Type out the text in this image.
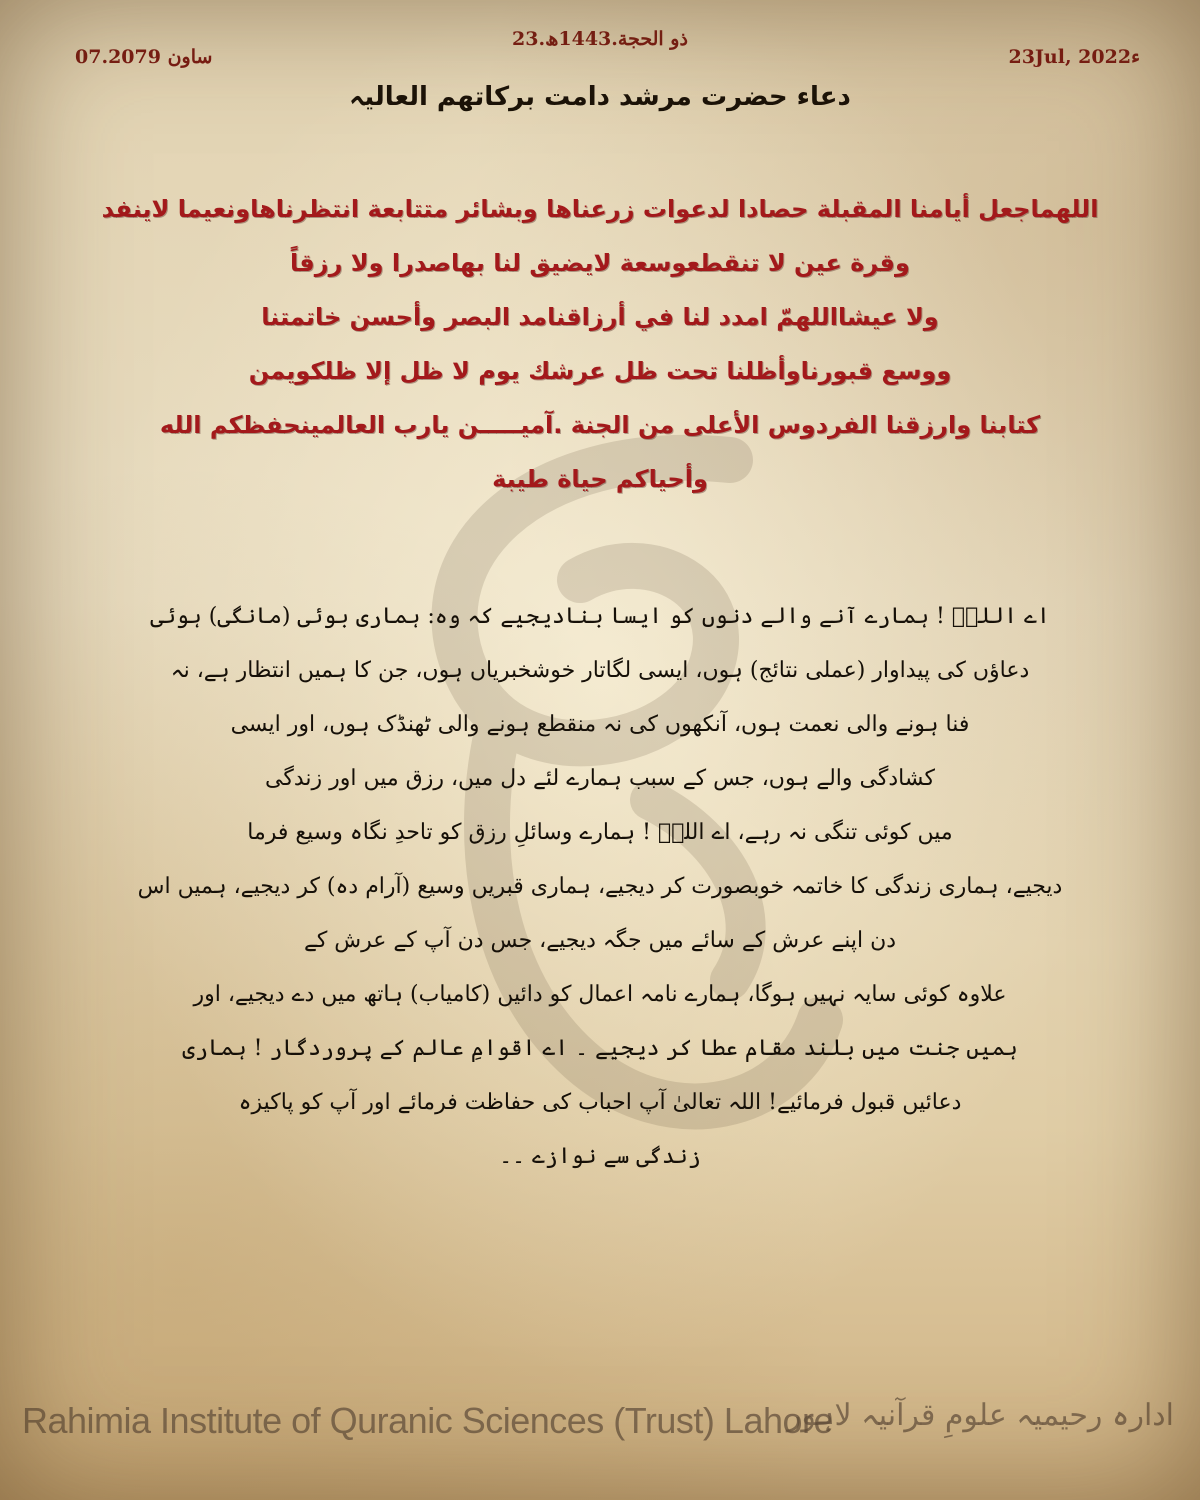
23.ذو الحجة.1443ھ
07.ساون 2079	23Jul, 2022ء
دعاء حضرت مرشد دامت برکاتھم العالیہ
اللھماجعل أيامنا المقبلة حصادا لدعوات زرعناها وبشائر متتابعة انتظرناهاونعيما لاينفد
وقرة عين لا تنقطعوسعة لايضيق لنا بهاصدرا ولا رزقاً
ولا عيشااللهمّ امدد لنا في أرزاقنامد البصر وأحسن خاتمتنا
ووسع قبورناوأظلنا تحت ظل عرشك يوم لا ظل إلا ظلكويمن
كتابنا وارزقنا الفردوس الأعلى من الجنة .آمیـــــن یارب العالمینحفظکم الله
وأحیاکم حیاة طیبة
اے اللہؐ ! ہمارے آنے والے دنوں کو ایسا بنادیجیے کہ وہ: ہماری بوئی (مانگی) ہوئی
دعاؤں کی پیداوار (عملی نتائج) ہوں، ایسی لگاتار خوشخبریاں ہوں، جن کا ہمیں انتظار ہے، نہ
فنا ہونے والی نعمت ہوں، آنکھوں کی نہ منقطع ہونے والی ٹھنڈک ہوں، اور ایسی
کشادگی والے ہوں، جس کے سبب ہمارے لئے دل میں، رزق میں اور زندگی
میں کوئی تنگی نہ رہے، اے اللہؐ ! ہمارے وسائلِ رزق کو تاحدِ نگاہ وسیع فرما
دیجیے، ہماری زندگی کا خاتمہ خوبصورت کر دیجیے، ہماری قبریں وسیع (آرام دہ) کر دیجیے، ہمیں اس
دن اپنے عرش کے سائے میں جگہ دیجیے، جس دن آپ کے عرش کے
علاوہ کوئی سایہ نہیں ہوگا، ہمارے نامہ اعمال کو دائیں (کامیاب) ہاتھ میں دے دیجیے، اور
ہمیں جنت میں بلند مقام عطا کر دیجیے ۔ اے اقوامِ عالم کے پروردگار ! ہماری
دعائیں قبول فرمائیے! اللہ تعالیٰ آپ احباب کی حفاظت فرمائے اور آپ کو پاکیزہ
زندگی سے نوازے ۔۔
Rahimia Institute of Quranic Sciences (Trust) Lahore
ادارہ رحیمیہ علومِ قرآنیہ لاہور
